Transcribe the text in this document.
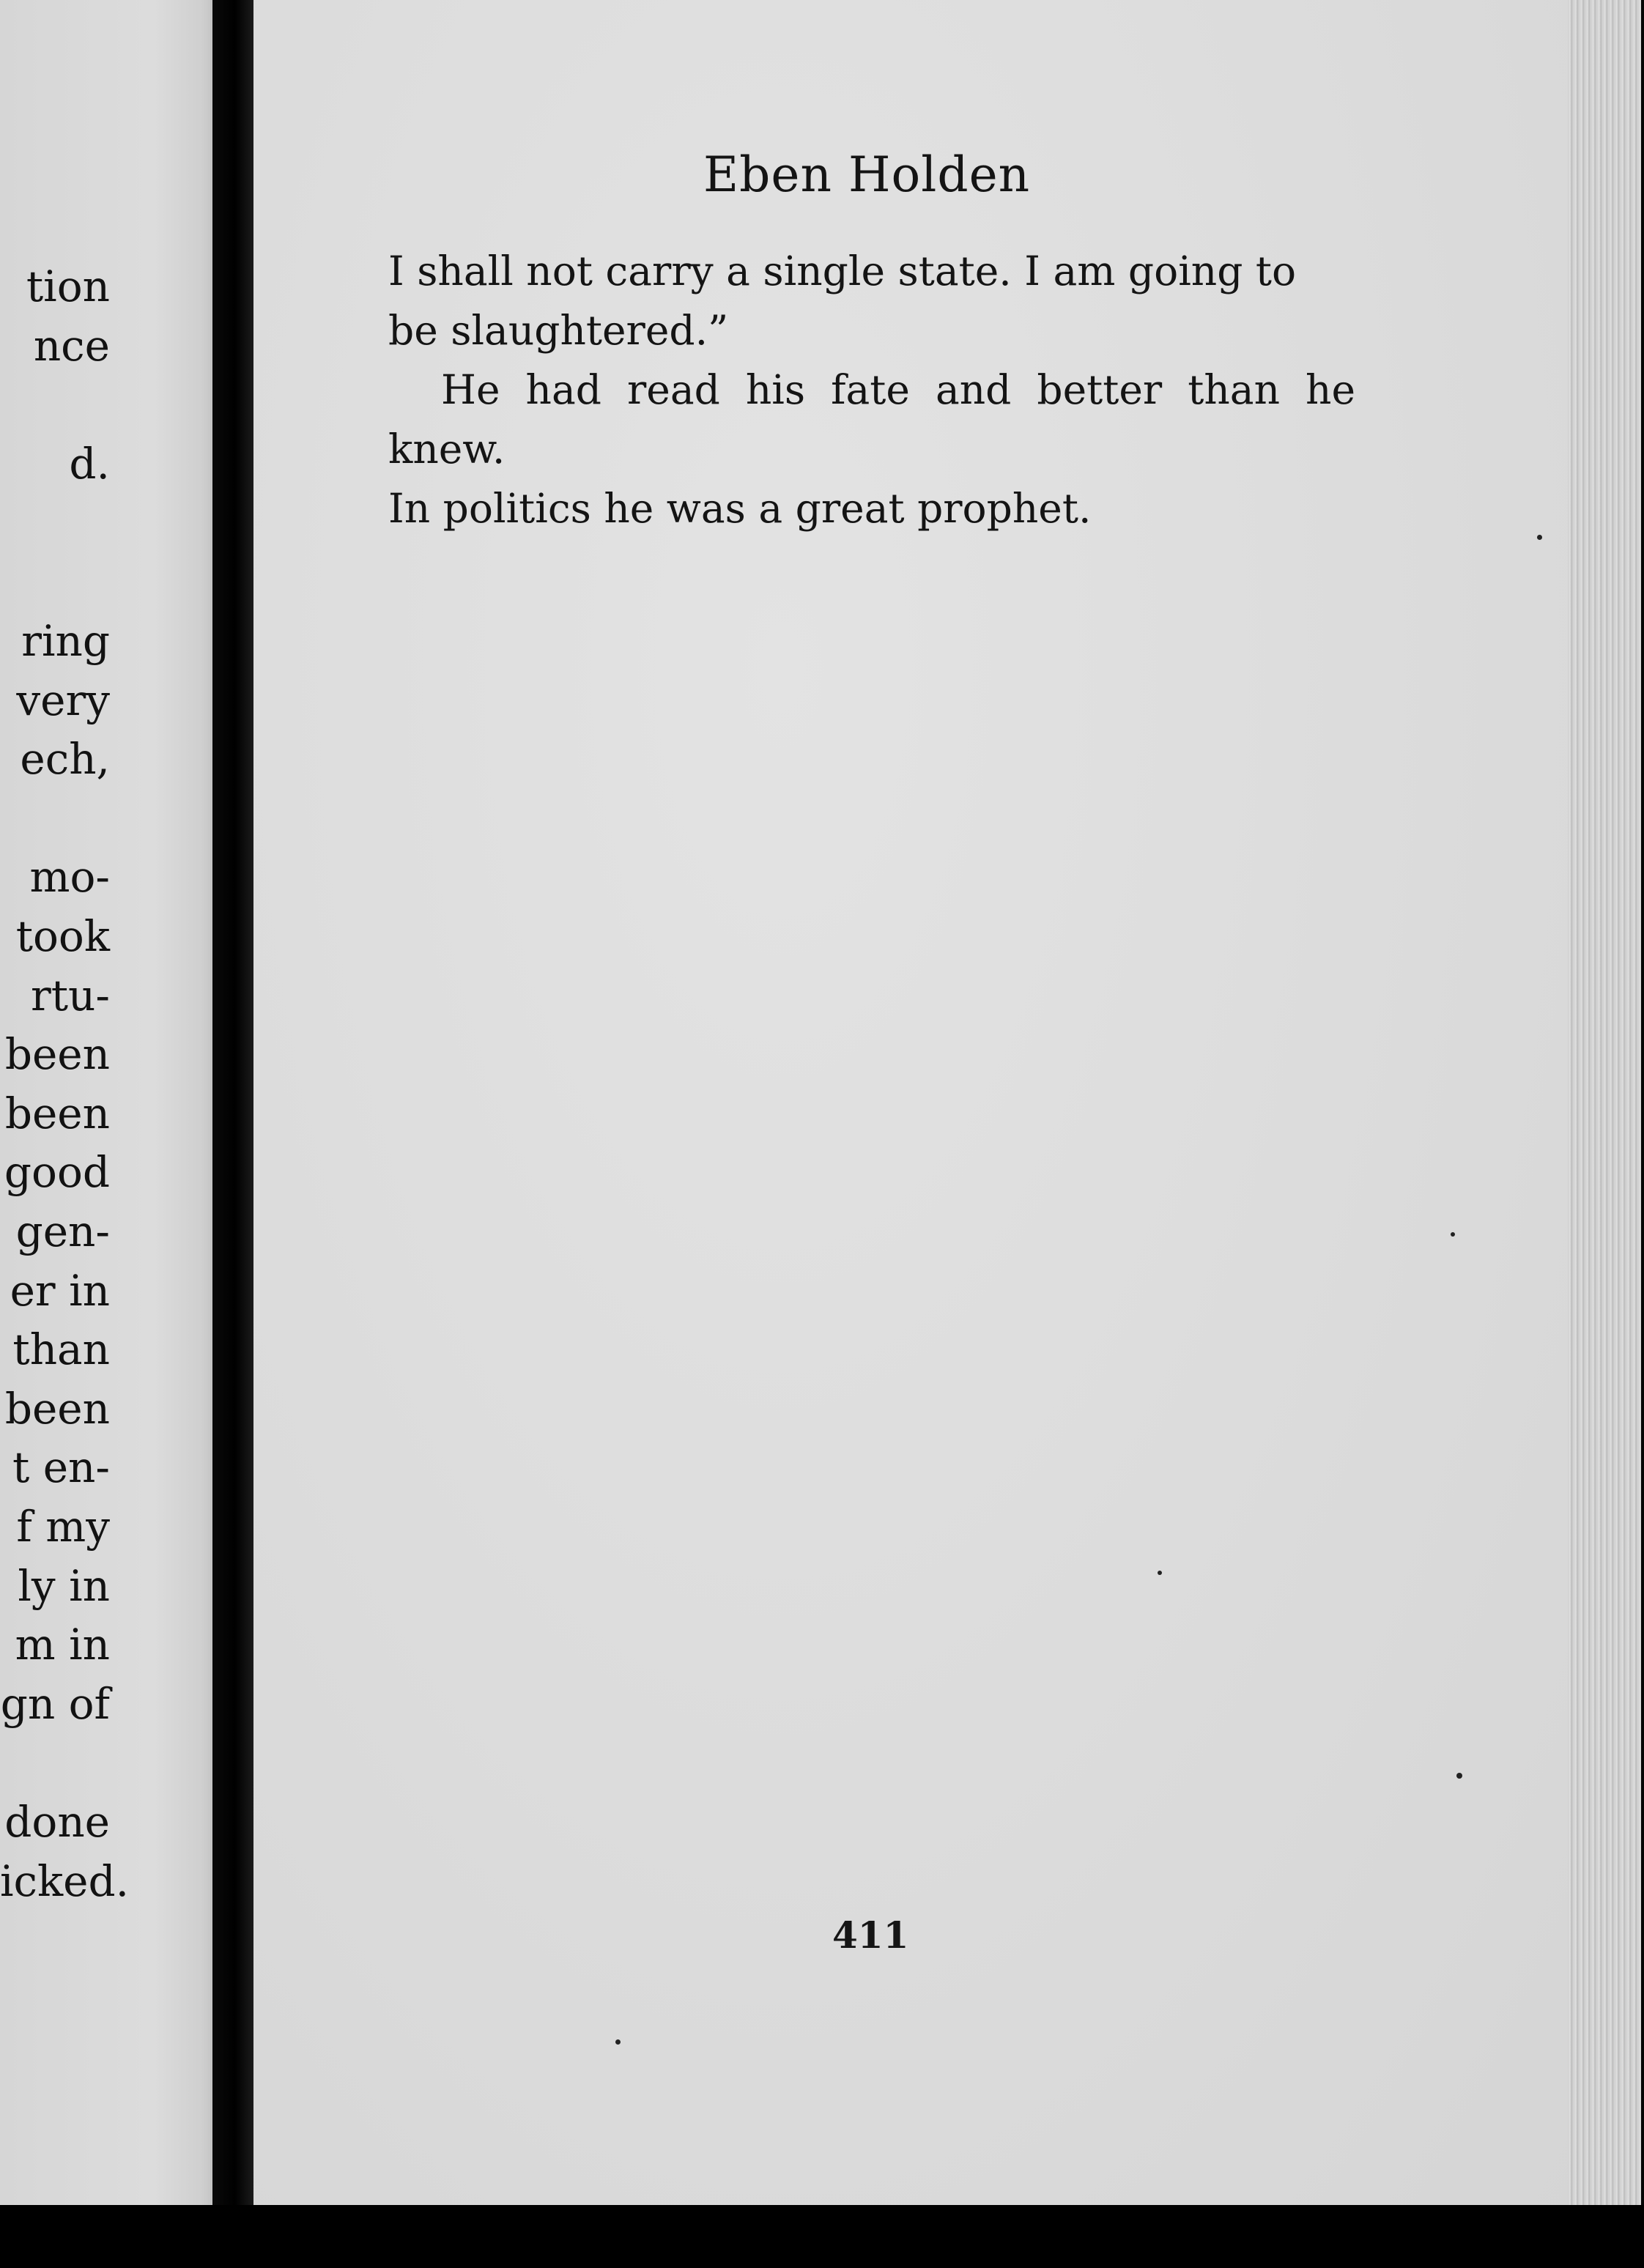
tion
nce
d.
ring
very
ech,
mo-
took
rtu-
been
been
good
gen-
er in
than
been
t en-
f my
ly in
m in
gn of
done
icked.
Eben Holden

I shall not carry a single state. I am going to
be slaughtered.”

He had read his fate and better than he knew.
In politics he was a great prophet.

411
